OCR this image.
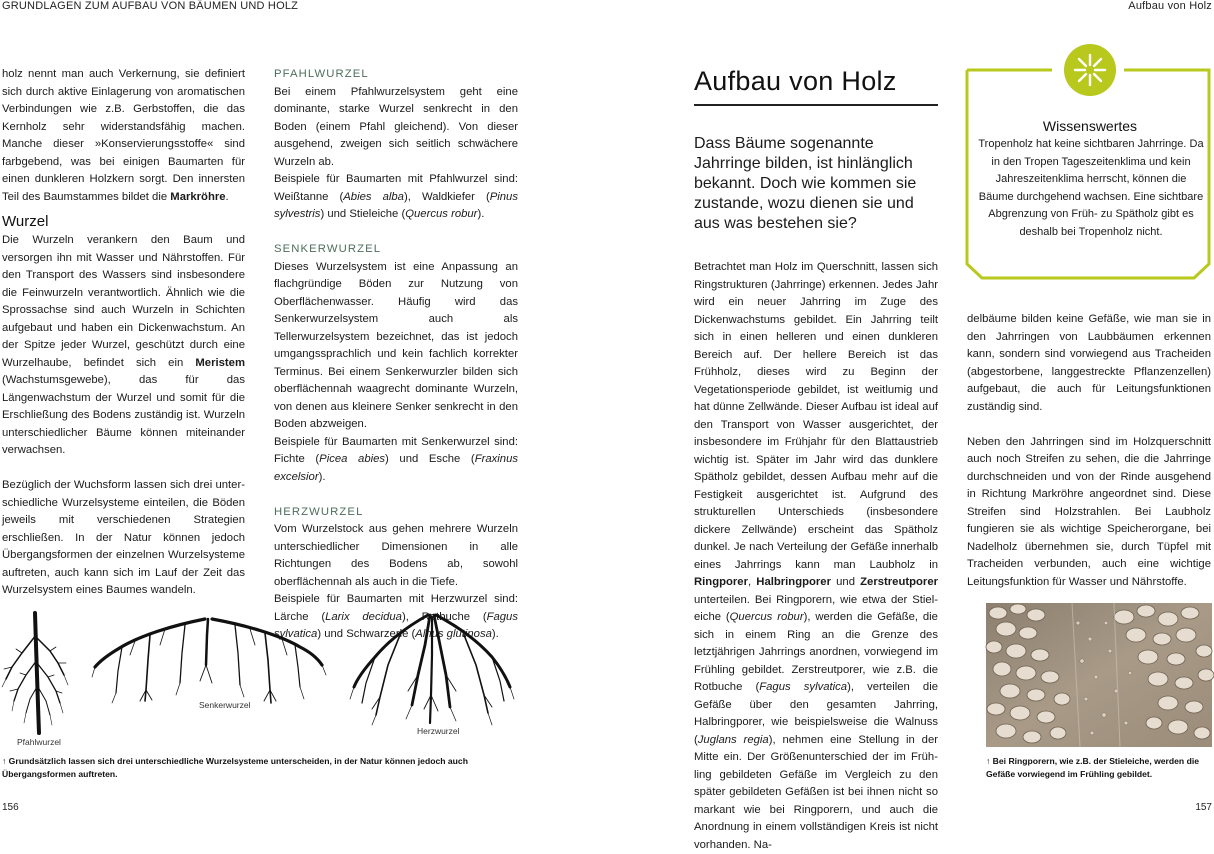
GRUNDLAGEN ZUM AUFBAU VON BÄUMEN UND HOLZ	Aufbau von Holz

holz nennt man auch Verkernung, sie definiert sich durch aktive Einlagerung von aromatischen Verbindungen wie z.B. Gerbstoffen, die das Kernholz sehr widerstandsfähig machen. Manche dieser »Konservierungsstoffe« sind farbgebend, was bei einigen Baumarten für einen dunkleren Holzkern sorgt. Den innersten Teil des Baumstammes bildet die Markröhre.

Wurzel

Die Wurzeln verankern den Baum und versorgen ihn mit Wasser und Nährstoffen. Für den Transport des Wassers sind insbesondere die Feinwurzeln verantwortlich. Ähnlich wie die Sprossachse sind auch Wurzeln in Schichten aufgebaut und haben ein Dickenwachstum. An der Spitze jeder Wurzel, geschützt durch eine Wurzelhaube, befindet sich ein Meristem (Wachstumsgewebe), das für das Längenwachstum der Wurzel und somit für die Erschließung des Bodens zuständig ist. Wurzeln unterschiedlicher Bäume können miteinander verwachsen.

Bezüglich der Wuchsform lassen sich drei unterschiedliche Wurzelsysteme einteilen, die Böden jeweils mit verschiedenen Strategien erschließen. In der Natur können jedoch Übergangsformen der einzelnen Wurzelsysteme auftreten, auch kann sich im Lauf der Zeit das Wurzelsystem eines Baumes wandeln.

PFAHLWURZEL

Bei einem Pfahlwurzelsystem geht eine dominante, starke Wurzel senkrecht in den Boden (einem Pfahl gleichend). Von dieser ausgehend, zweigen sich seitlich schwächere Wurzeln ab.

Beispiele für Baumarten mit Pfahlwurzel sind: Weißtanne (Abies alba), Waldkiefer (Pinus sylvestris) und Stieleiche (Quercus robur).

SENKERWURZEL

Dieses Wurzelsystem ist eine Anpassung an flachgründige Böden zur Nutzung von Oberflächenwasser. Häufig wird das Senkerwurzelsystem auch als Tellerwurzelsystem bezeichnet, das ist jedoch umgangssprachlich und kein fachlich korrekter Terminus. Bei einem Senkerwurzler bilden sich oberflächennah waagrecht dominante Wurzeln, von denen aus kleinere Senker senkrecht in den Boden abzweigen.

Beispiele für Baumarten mit Senkerwurzel sind: Fichte (Picea abies) und Esche (Fraxinus excelsior).

HERZWURZEL

Vom Wurzelstock aus gehen mehrere Wurzeln unterschiedlicher Dimensionen in alle Richtungen des Bodens ab, sowohl oberflächennah als auch in die Tiefe.

Beispiele für Baumarten mit Herzwurzel sind: Lärche (Larix decidua), Rotbuche (Fagus sylvatica) und Schwarzerle (Alnus glutinosa).

Pfahlwurzel
Senkerwurzel
Herzwurzel
↑ Grundsätzlich lassen sich drei unterschiedliche Wurzelsysteme unterscheiden, in der Natur können jedoch auch Übergangsformen auftreten.
156	157
Aufbau von Holz
Dass Bäume sogenannte Jahrringe bilden, ist hinlänglich bekannt. Doch wie kommen sie zustande, wozu dienen sie und aus was bestehen sie?

Betrachtet man Holz im Querschnitt, lassen sich Ringstrukturen (Jahrringe) erkennen. Jedes Jahr wird ein neuer Jahrring im Zuge des Dickenwachstums gebildet. Ein Jahrring teilt sich in einen helleren und einen dunkleren Bereich auf. Der hellere Bereich ist das Frühholz, dieses wird zu Beginn der Vegetationsperiode gebildet, ist weitlumig und hat dünne Zellwände. Dieser Aufbau ist ideal auf den Transport von Wasser ausgerichtet, der insbesondere im Frühjahr für den Blattaustrieb wichtig ist. Später im Jahr wird das dunklere Spätholz gebildet, dessen Aufbau mehr auf die Festigkeit ausgerichtet ist. Aufgrund des strukturellen Unterschieds (insbesondere dickere Zellwände) erscheint das Spätholz dunkel. Je nach Verteilung der Gefäße innerhalb eines Jahrrings kann man Laubholz in Ringporer, Halbringporer und Zerstreutporer unterteilen. Bei Ringporern, wie etwa der Stieleiche (Quercus robur), werden die Gefäße, die sich in einem Ring an die Grenze des letztjährigen Jahrrings anordnen, vorwiegend im Frühling gebildet. Zerstreutporer, wie z.B. die Rotbuche (Fagus sylvatica), verteilen die Gefäße über den gesamten Jahrring, Halbringporer, wie beispielsweise die Walnuss (Juglans regia), nehmen eine Stellung in der Mitte ein. Der Größenunterschied der im Frühling gebildeten Gefäße im Vergleich zu den später gebildeten Gefäßen ist bei ihnen nicht so markant wie bei Ringporern, und auch die Anordnung in einem vollständigen Kreis ist nicht vorhanden. Na-

Wissenswertes
Tropenholz hat keine sichtbaren Jahrringe. Da in den Tropen Tageszeitenklima und kein Jahreszeitenklima herrscht, können die Bäume durchgehend wachsen. Eine sichtbare Abgrenzung von Früh- zu Spätholz gibt es deshalb bei Tropenholz nicht.

delbäume bilden keine Gefäße, wie man sie in den Jahrringen von Laubbäumen erkennen kann, sondern sind vorwiegend aus Tracheiden (abgestorbene, langgestreckte Pflanzenzellen) aufgebaut, die auch für Leitungsfunktionen zuständig sind.

Neben den Jahrringen sind im Holzquerschnitt auch noch Streifen zu sehen, die die Jahrringe durchschneiden und von der Rinde ausgehend in Richtung Markröhre angeordnet sind. Diese Streifen sind Holzstrahlen. Bei Laubholz fungieren sie als wichtige Speicherorgane, bei Nadelholz übernehmen sie, durch Tüpfel mit Tracheiden verbunden, auch eine wichtige Leitungsfunktion für Wasser und Nährstoffe.

↑ Bei Ringporern, wie z.B. der Stieleiche, werden die Gefäße vorwiegend im Frühling gebildet.
